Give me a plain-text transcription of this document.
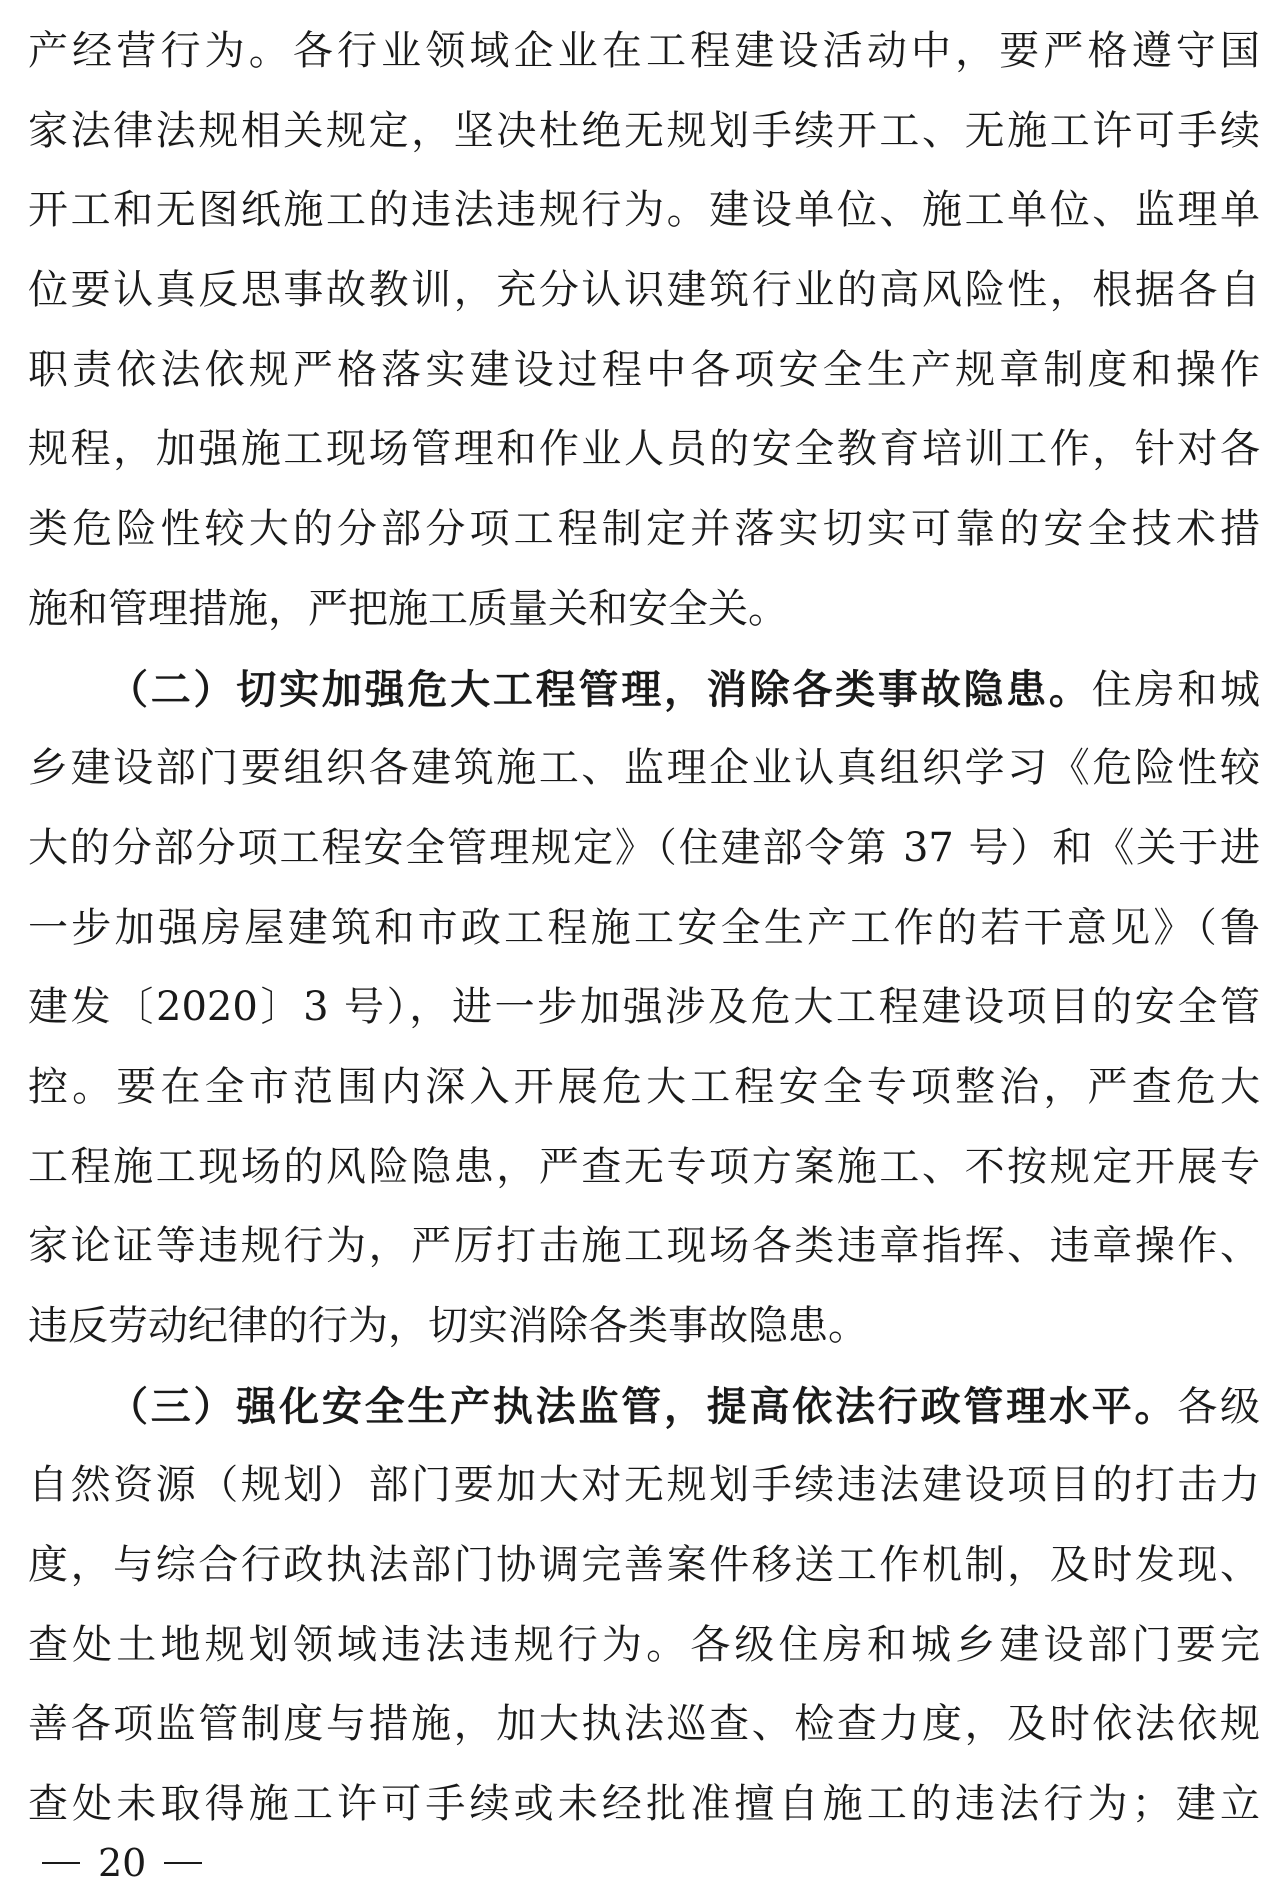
产经营行为。各行业领域企业在工程建设活动中，要严格遵守国
家法律法规相关规定，坚决杜绝无规划手续开工、无施工许可手续
开工和无图纸施工的违法违规行为。建设单位、施工单位、监理单
位要认真反思事故教训，充分认识建筑行业的高风险性，根据各自
职责依法依规严格落实建设过程中各项安全生产规章制度和操作
规程，加强施工现场管理和作业人员的安全教育培训工作，针对各
类危险性较大的分部分项工程制定并落实切实可靠的安全技术措
施和管理措施，严把施工质量关和安全关。
（二）切实加强危大工程管理，消除各类事故隐患。住房和城
乡建设部门要组织各建筑施工、监理企业认真组织学习《危险性较
大的分部分项工程安全管理规定》（住建部令第 37 号）和《关于进
一步加强房屋建筑和市政工程施工安全生产工作的若干意见》（鲁
建发〔2020〕3 号），进一步加强涉及危大工程建设项目的安全管
控。要在全市范围内深入开展危大工程安全专项整治，严查危大
工程施工现场的风险隐患，严查无专项方案施工、不按规定开展专
家论证等违规行为，严厉打击施工现场各类违章指挥、违章操作、
违反劳动纪律的行为，切实消除各类事故隐患。
（三）强化安全生产执法监管，提高依法行政管理水平。各级
自然资源（规划）部门要加大对无规划手续违法建设项目的打击力
度，与综合行政执法部门协调完善案件移送工作机制，及时发现、
查处土地规划领域违法违规行为。各级住房和城乡建设部门要完
善各项监管制度与措施，加大执法巡查、检查力度，及时依法依规
查处未取得施工许可手续或未经批准擅自施工的违法行为；建立
20
